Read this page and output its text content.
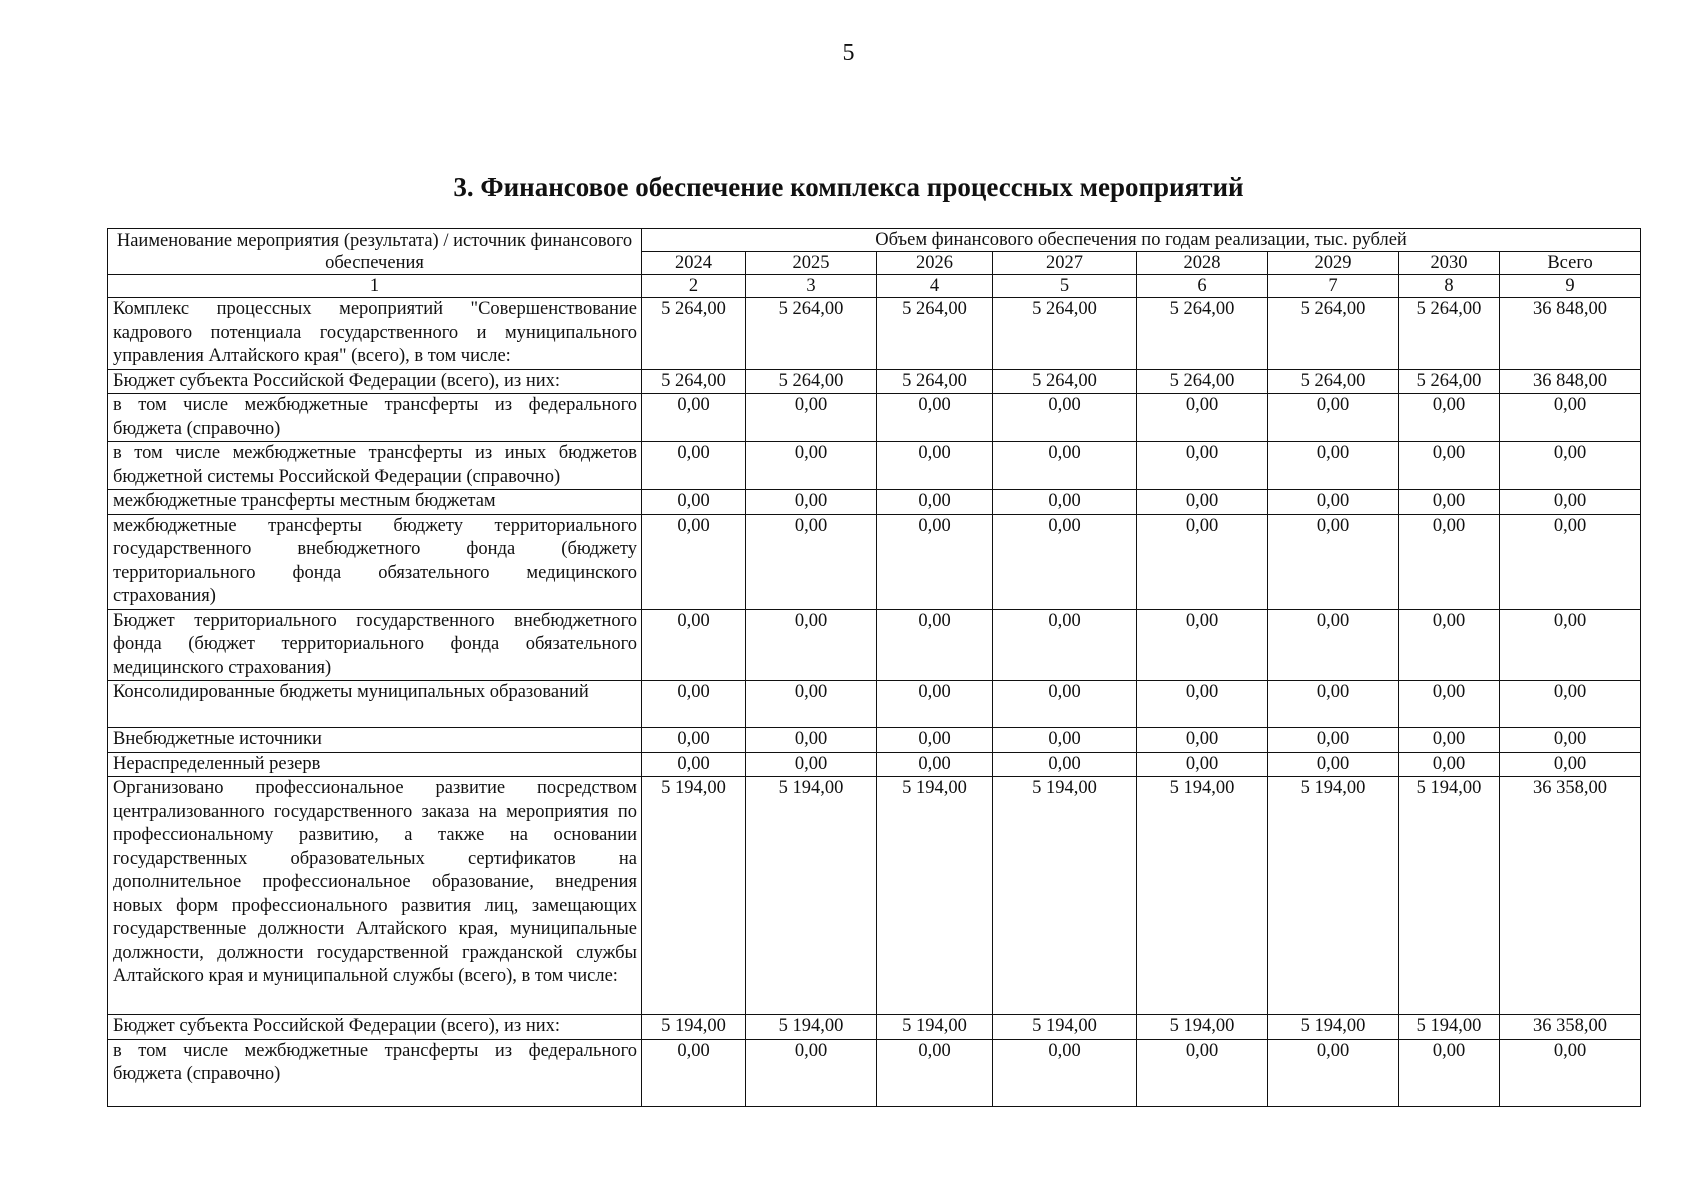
5
3. Финансовое обеспечение комплекса процессных мероприятий
Наименование мероприятия (результата) / источник финансового обеспечения	Объем финансового обеспечения по годам реализации, тыс. рублей							
	2024	2025	2026	2027	2028	2029	2030	Всего
1	2	3	4	5	6	7	8	9
Комплекс процессных мероприятий "Совершенствование кадрового потенциала государственного и муниципального управления Алтайского края" (всего), в том числе:	5 264,00	5 264,00	5 264,00	5 264,00	5 264,00	5 264,00	5 264,00	36 848,00
Бюджет субъекта Российской Федерации (всего), из них:	5 264,00	5 264,00	5 264,00	5 264,00	5 264,00	5 264,00	5 264,00	36 848,00
в том числе межбюджетные трансферты из федерального бюджета (справочно)	0,00	0,00	0,00	0,00	0,00	0,00	0,00	0,00
в том числе межбюджетные трансферты из иных бюджетов бюджетной системы Российской Федерации (справочно)	0,00	0,00	0,00	0,00	0,00	0,00	0,00	0,00
межбюджетные трансферты местным бюджетам	0,00	0,00	0,00	0,00	0,00	0,00	0,00	0,00
межбюджетные трансферты бюджету территориального государственного внебюджетного фонда (бюджету территориального фонда обязательного медицинского страхования)	0,00	0,00	0,00	0,00	0,00	0,00	0,00	0,00
Бюджет территориального государственного внебюджетного фонда (бюджет территориального фонда обязательного медицинского страхования)	0,00	0,00	0,00	0,00	0,00	0,00	0,00	0,00
Консолидированные бюджеты муниципальных образований	0,00	0,00	0,00	0,00	0,00	0,00	0,00	0,00
Внебюджетные источники	0,00	0,00	0,00	0,00	0,00	0,00	0,00	0,00
Нераспределенный резерв	0,00	0,00	0,00	0,00	0,00	0,00	0,00	0,00
Организовано профессиональное развитие посредством централизованного государственного заказа на мероприятия по профессиональному развитию, а также на основании государственных образовательных сертификатов на дополнительное профессиональное образование, внедрения новых форм профессионального развития лиц, замещающих государственные должности Алтайского края, муниципальные должности, должности государственной гражданской службы Алтайского края и муниципальной службы (всего), в том числе:	5 194,00	5 194,00	5 194,00	5 194,00	5 194,00	5 194,00	5 194,00	36 358,00
Бюджет субъекта Российской Федерации (всего), из них:	5 194,00	5 194,00	5 194,00	5 194,00	5 194,00	5 194,00	5 194,00	36 358,00
в том числе межбюджетные трансферты из федерального бюджета (справочно)	0,00	0,00	0,00	0,00	0,00	0,00	0,00	0,00
